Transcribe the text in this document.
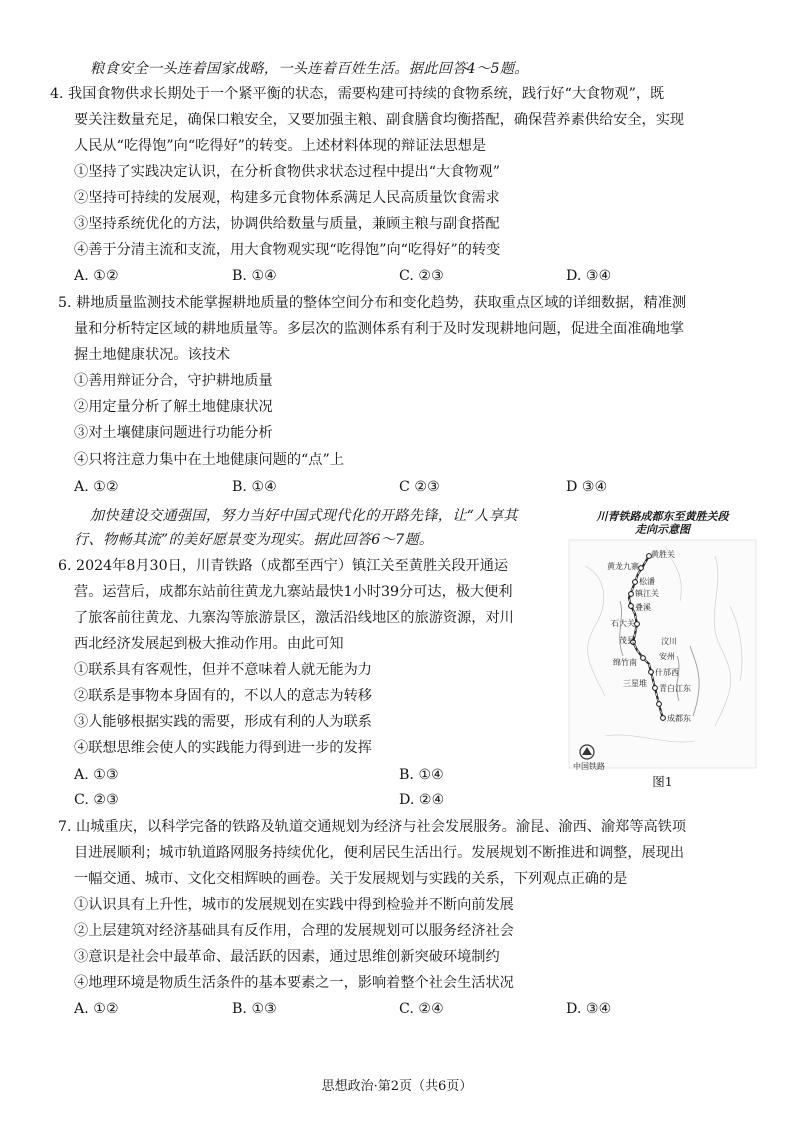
粮食安全一头连着国家战略，一头连着百姓生活。据此回答4～5题。
4. 我国食物供求长期处于一个紧平衡的状态，需要构建可持续的食物系统，践行好“大食物观”，既
要关注数量充足，确保口粮安全，又要加强主粮、副食膳食均衡搭配，确保营养素供给安全，实现
人民从“吃得饱”向“吃得好”的转变。上述材料体现的辩证法思想是
①坚持了实践决定认识，在分析食物供求状态过程中提出“大食物观”
②坚持可持续的发展观，构建多元食物体系满足人民高质量饮食需求
③坚持系统优化的方法，协调供给数量与质量，兼顾主粮与副食搭配
④善于分清主流和支流，用大食物观实现“吃得饱”向“吃得好”的转变
A. ①②	B. ①④	C. ②③	D. ③④
5. 耕地质量监测技术能掌握耕地质量的整体空间分布和变化趋势，获取重点区域的详细数据，精准测
量和分析特定区域的耕地质量等。多层次的监测体系有利于及时发现耕地问题，促进全面准确地掌
握土地健康状况。该技术
①善用辩证分合，守护耕地质量
②用定量分析了解土地健康状况
③对土壤健康问题进行功能分析
④只将注意力集中在土地健康问题的“点”上
A. ①②	B. ①④	C ②③	D ③④
加快建设交通强国，努力当好中国式现代化的开路先锋，让“人享其
行、物畅其流”的美好愿景变为现实。据此回答6～7题。
6. 2024年8月30日，川青铁路（成都至西宁）镇江关至黄胜关段开通运
营。运营后，成都东站前往黄龙九寨站最快1小时39分可达，极大便利
了旅客前往黄龙、九寨沟等旅游景区，激活沿线地区的旅游资源，对川
西北经济发展起到极大推动作用。由此可知
①联系具有客观性，但并不意味着人就无能为力
②联系是事物本身固有的，不以人的意志为转移
③人能够根据实践的需要，形成有利的人为联系
④联想思维会使人的实践能力得到进一步的发挥
A. ①③	B. ①④
C. ②③	D. ②④
川青铁路成都东至黄胜关段
走向示意图
黄胜关
黄龙九寨
松潘
镇江关
叠溪
石大关
茂县	汶川
安州
绵竹南
什邡西
三星堆
青白江东
成都东
中国铁路
图1
7. 山城重庆，以科学完备的铁路及轨道交通规划为经济与社会发展服务。渝昆、渝西、渝郑等高铁项
目进展顺利；城市轨道路网服务持续优化，便利居民生活出行。发展规划不断推进和调整，展现出
一幅交通、城市、文化交相辉映的画卷。关于发展规划与实践的关系，下列观点正确的是
①认识具有上升性，城市的发展规划在实践中得到检验并不断向前发展
②上层建筑对经济基础具有反作用，合理的发展规划可以服务经济社会
③意识是社会中最革命、最活跃的因素，通过思维创新突破环境制约
④地理环境是物质生活条件的基本要素之一，影响着整个社会生活状况
A. ①②	B. ①③	C. ②④	D. ③④
思想政治·第2页（共6页）
